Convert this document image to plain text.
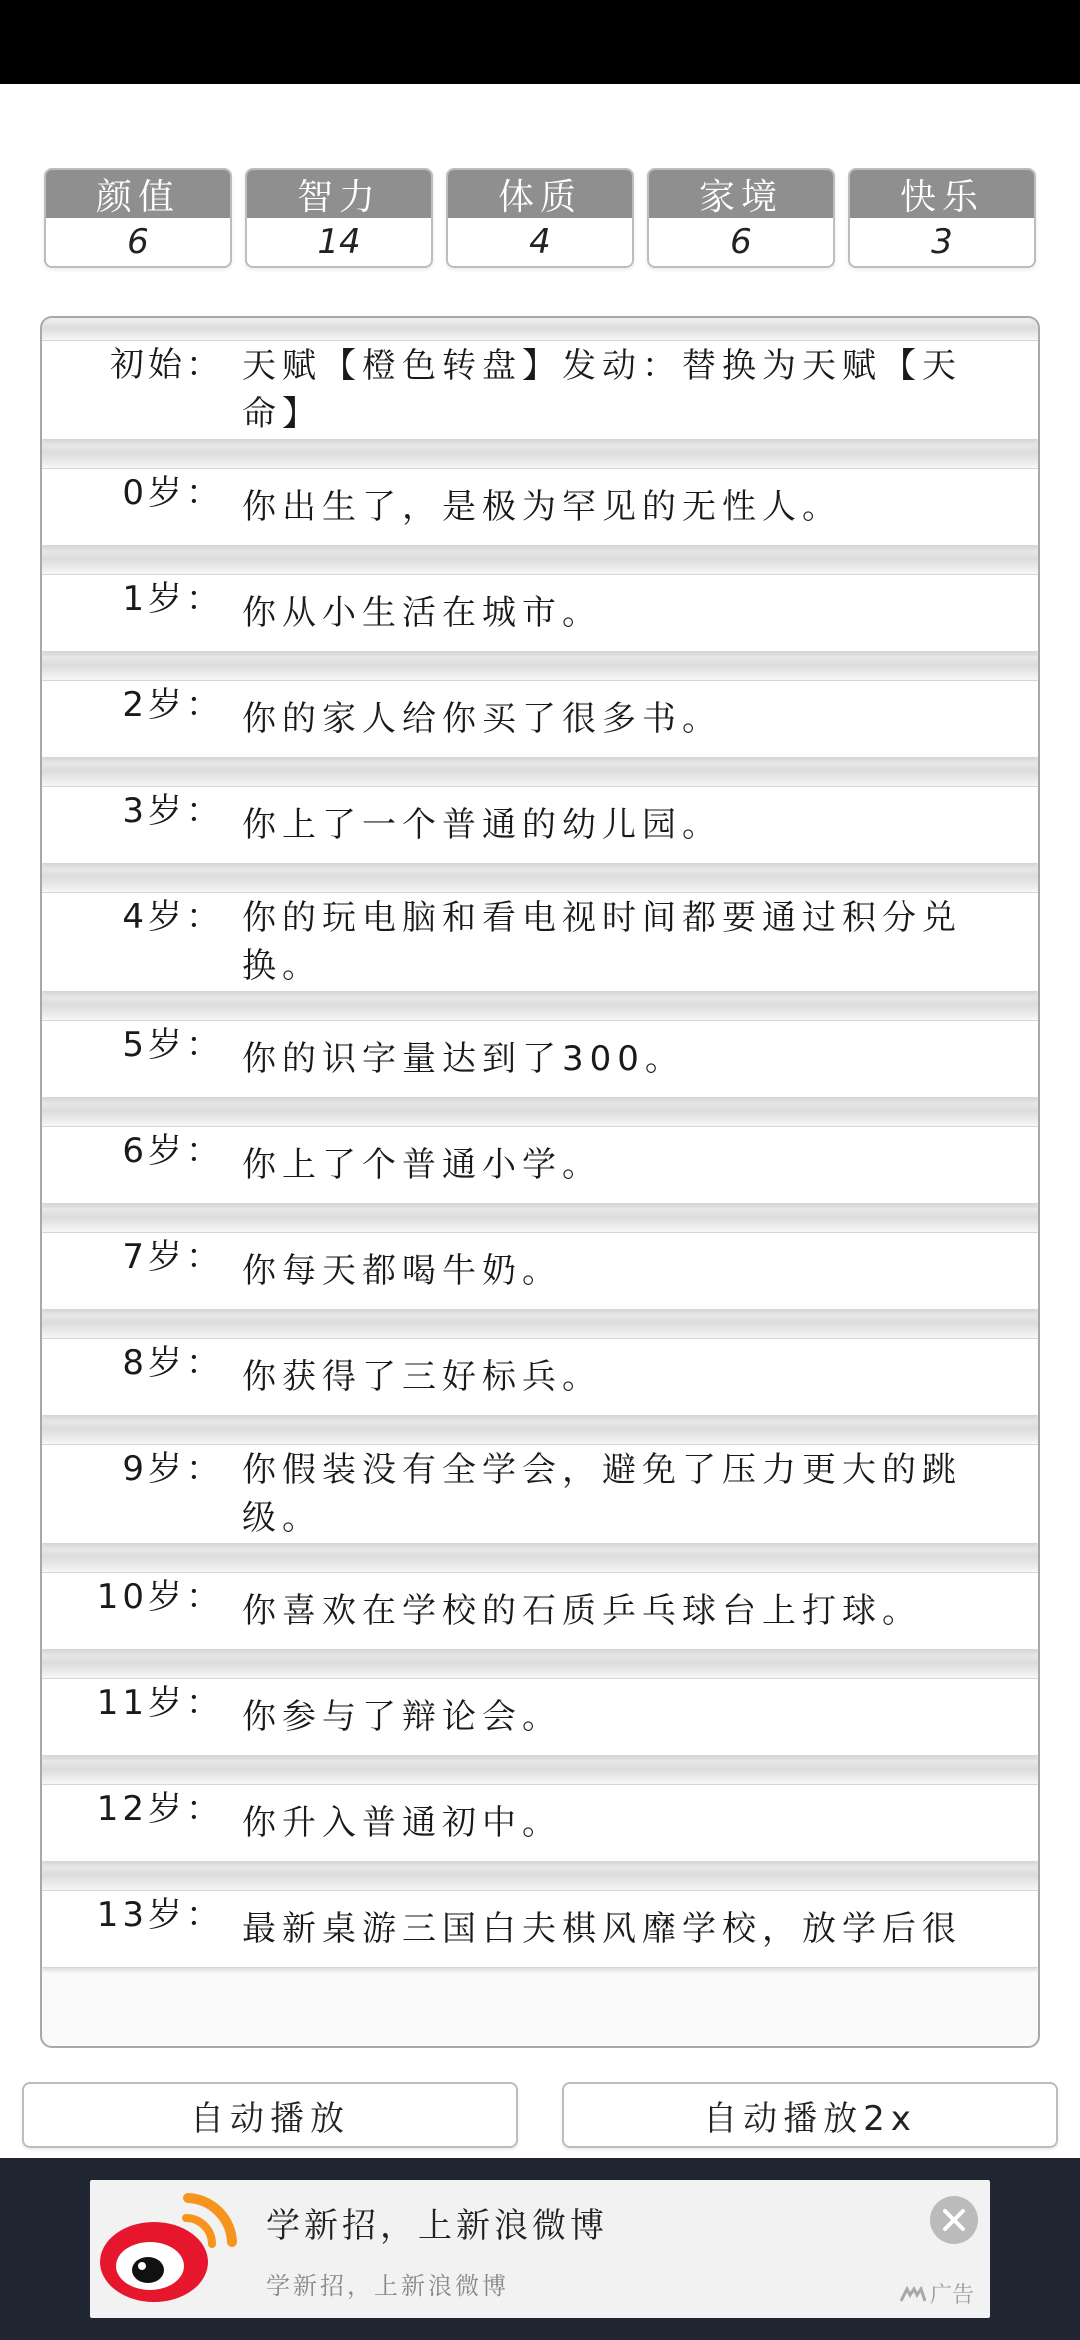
颜值
6
智力
14
体质
4
家境
6
快乐
3
初始： 天赋【橙色转盘】发动：替换为天赋【天命】
0岁： 你出生了，是极为罕见的无性人。
1岁： 你从小生活在城市。
2岁： 你的家人给你买了很多书。
3岁： 你上了一个普通的幼儿园。
4岁： 你的玩电脑和看电视时间都要通过积分兑换。
5岁： 你的识字量达到了300。
6岁： 你上了个普通小学。
7岁： 你每天都喝牛奶。
8岁： 你获得了三好标兵。
9岁： 你假装没有全学会，避免了压力更大的跳级。
10岁： 你喜欢在学校的石质乒乓球台上打球。
11岁： 你参与了辩论会。
12岁： 你升入普通初中。
13岁： 最新桌游三国白夫棋风靡学校，放学后很
自动播放	自动播放2x
学新招，上新浪微博
学新招，上新浪微博	广告
